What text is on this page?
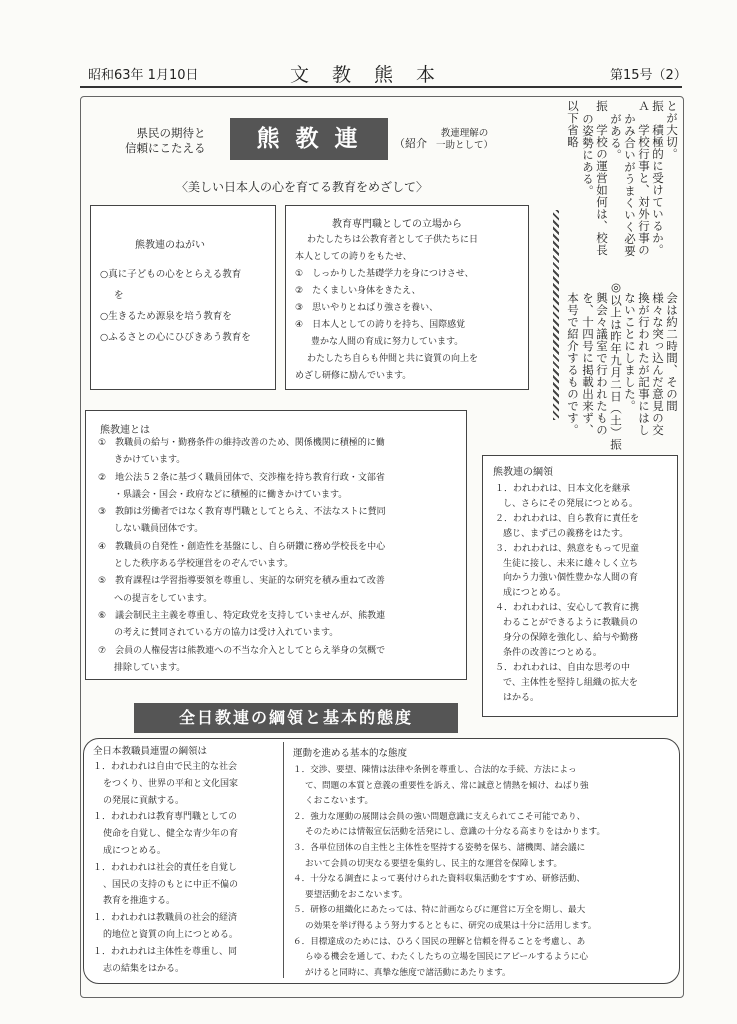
昭和63年 1月10日	文　教　熊　本	第15号（2）
県民の期待と
信頼にこたえる	熊 教 連	（紹介
教連理解の
一助として）
〈美しい日本人の心を育てる教育をめざして〉
熊教連のねがい
○真に子どもの心をとらえる教育
を
○生きるため源泉を培う教育を
○ふるさとの心にひびきあう教育を
教育専門職としての立場から
わたしたちは公教育者として子供たちに日
本人としての誇りをもたせ、
①　しっかりした基礎学力を身につけさせ、
②　たくましい身体をきたえ、
③　思いやりとねばり強さを養い、
④　日本人としての誇りを持ち、国際感覚
豊かな人間の育成に努力しています。
わたしたち自らも仲間と共に資質の向上を
めざし研修に励んでいます。
とが大切。
振　積極的に受けているか。
Ａ　学校行事と、対外行事の
かみ合いがうまくいく必要
がある。
振　学校の運営如何は、校長
の姿勢にある。
以下省略
会は約二時間、その間
様々な突っ込んだ意見の交
換が行われたが記事にはし
ないことにしました。
◎以上は昨年九月二日（土）振
興会々議室で行われたもの
を、十四号に掲載出来ず、
本号で紹介するものです。
熊教連とは
①　教職員の給与・勤務条件の維持改善のため、関係機関に積極的に働
きかけています。
②　地公法５２条に基づく職員団体で、交渉権を持ち教育行政・文部省
・県議会・国会・政府などに積極的に働きかけています。
③　教師は労働者ではなく教育専門職としてとらえ、不法なストに賛同
しない職員団体です。
④　教職員の自発性・創造性を基盤にし、自ら研鑽に務め学校長を中心
とした秩序ある学校運営をのぞんでいます。
⑤　教育課程は学習指導要領を尊重し、実証的な研究を積み重ねて改善
への提言をしています。
⑥　議会制民主主義を尊重し、特定政党を支持していませんが、熊教連
の考えに賛同されている方の協力は受け入れています。
⑦　会員の人権侵害は熊教連への不当な介入としてとらえ挙身の気概で
排除しています。
熊教連の綱領
１．われわれは、日本文化を継承
し、さらにその発展につとめる。
２．われわれは、自ら教育に責任を
感じ、まず己の義務をはたす。
３．われわれは、熱意をもって児童
生徒に接し、未来に雄々しく立ち
向かう力強い個性豊かな人間の育
成につとめる。
４．われわれは、安心して教育に携
わることができるように教職員の
身分の保障を強化し、給与や勤務
条件の改善につとめる。
５．われわれは、自由な思考の中
で、主体性を堅持し組織の拡大を
はかる。
全日教連の綱領と基本的態度
全日本教職員連盟の綱領は
１．われわれは自由で民主的な社会
をつくり、世界の平和と文化国家
の発展に貢献する。
１．われわれは教育専門職としての
使命を自覚し、健全な青少年の育
成につとめる。
１．われわれは社会的責任を自覚し
、国民の支持のもとに中正不偏の
教育を推進する。
１．われわれは教職員の社会的経済
的地位と資質の向上につとめる。
１．われわれは主体性を尊重し、同
志の結集をはかる。
運動を進める基本的な態度
１．交渉、要望、陳情は法律や条例を尊重し、合法的な手続、方法によっ
て、問題の本質と意義の重要性を訴え、常に誠意と情熱を傾け、ねばり強
くおこないます。
２．強力な運動の展開は会員の強い問題意識に支えられてこそ可能であり、
そのためには情報宣伝活動を活発にし、意識の十分なる高まりをはかります。
３．各単位団体の自主性と主体性を堅持する姿勢を保ち、諸機関、諸会議に
おいて会員の切実なる要望を集約し、民主的な運営を保障します。
４．十分なる調査によって裏付けられた資料収集活動をすすめ、研修活動、
要望活動をおこないます。
５．研修の組織化にあたっては、特に計画ならびに運営に万全を期し、最大
の効果を挙げ得るよう努力するとともに、研究の成果は十分に活用します。
６．目標達成のためには、ひろく国民の理解と信頼を得ることを考慮し、あ
らゆる機会を通して、わたくしたちの立場を国民にアピールするように心
がけると同時に、真摯な態度で諸活動にあたります。
